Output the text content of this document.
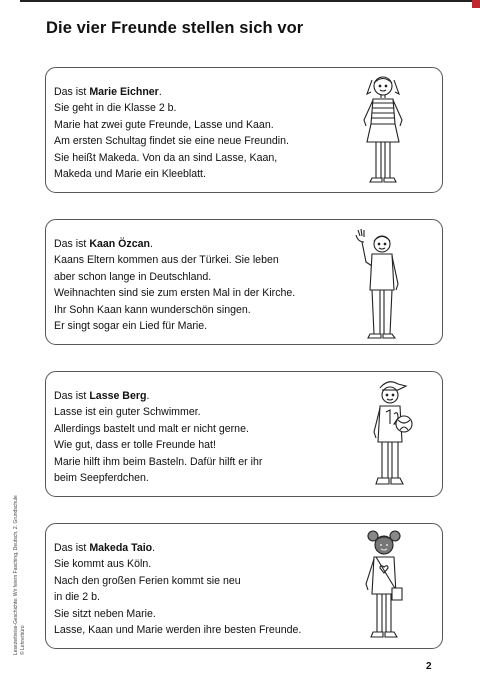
Die vier Freunde stellen sich vor
Das ist Marie Eichner.
Sie geht in die Klasse 2 b.
Marie hat zwei gute Freunde, Lasse und Kaan.
Am ersten Schultag findet sie eine neue Freundin.
Sie heißt Makeda. Von da an sind Lasse, Kaan,
Makeda und Marie ein Kleeblatt.
Das ist Kaan Özcan.
Kaans Eltern kommen aus der Türkei. Sie leben
aber schon lange in Deutschland.
Weihnachten sind sie zum ersten Mal in der Kirche.
Ihr Sohn Kaan kann wunderschön singen.
Er singt sogar ein Lied für Marie.
Das ist Lasse Berg.
Lasse ist ein guter Schwimmer.
Allerdings bastelt und malt er nicht gerne.
Wie gut, dass er tolle Freunde hat!
Marie hilft ihm beim Basteln. Dafür hilft er ihr
beim Seepferdchen.
Das ist Makeda Taio.
Sie kommt aus Köln.
Nach den großen Ferien kommt sie neu
in die 2 b.
Sie sitzt neben Marie.
Lasse, Kaan und Marie werden ihre besten Freunde.
Lesezeitreise-Geschichte: Wir feiern Fasching, Deutsch, 2. Grundschule © Lehrerbüro
2
